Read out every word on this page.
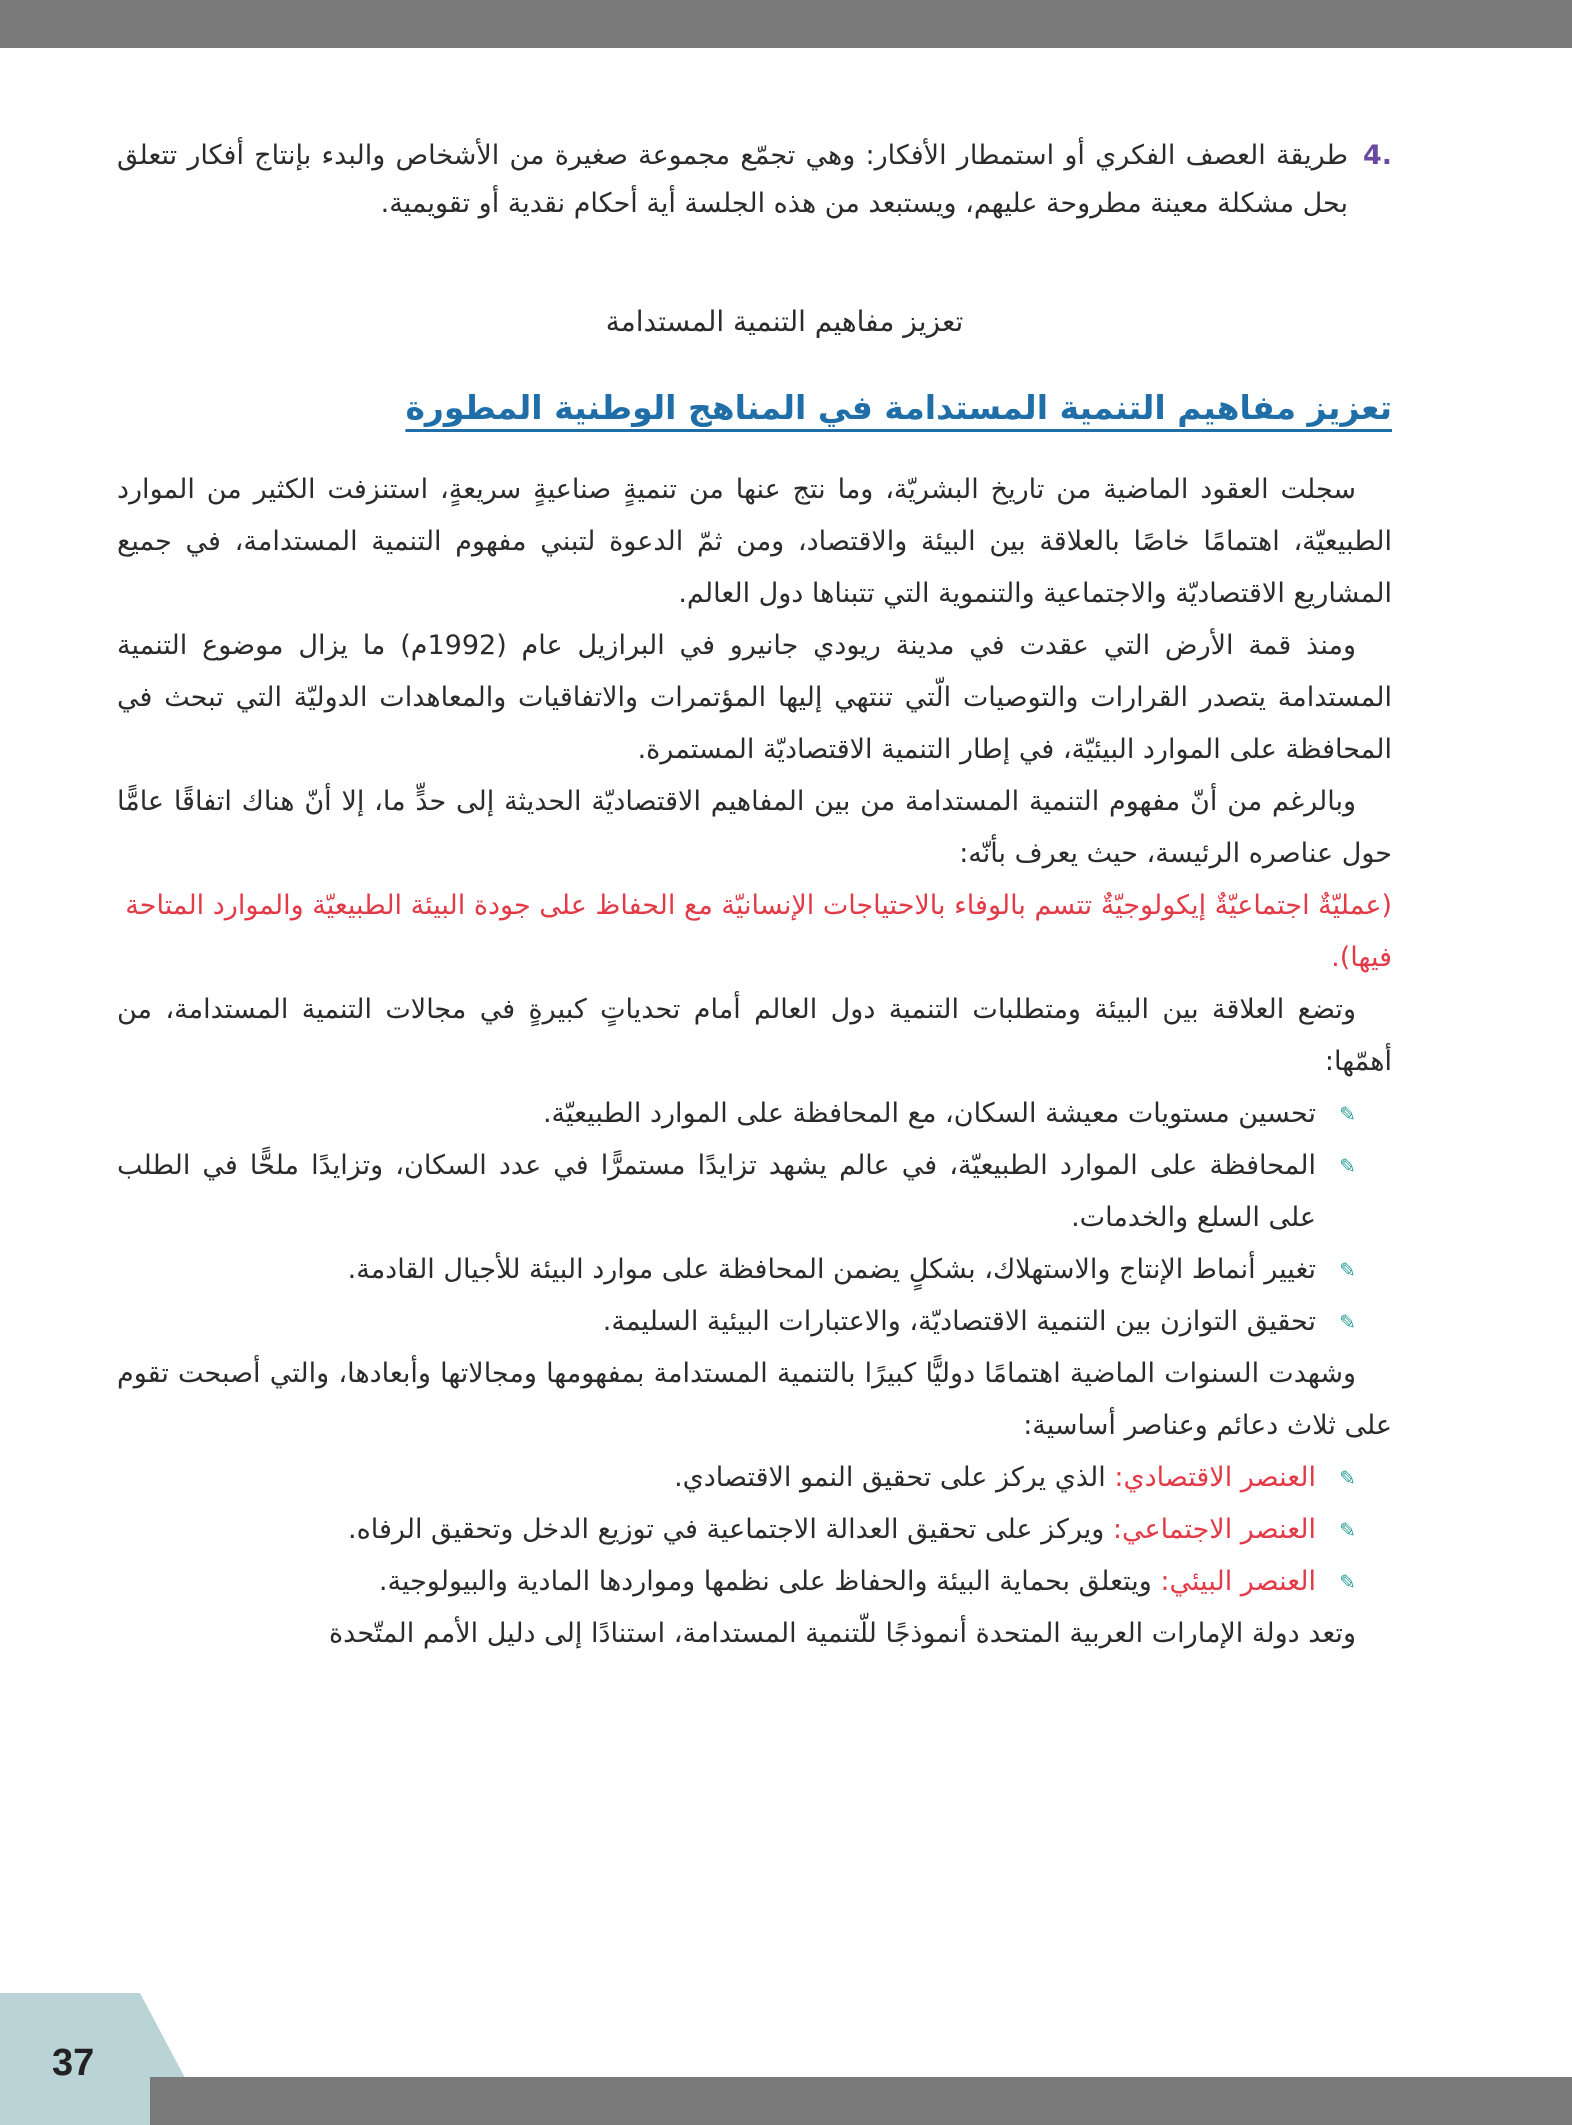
.4
طريقة العصف الفكري أو استمطار الأفكار: وهي تجمّع مجموعة صغيرة من الأشخاص والبدء بإنتاج أفكار تتعلق بحل مشكلة معينة مطروحة عليهم، ويستبعد من هذه الجلسة أية أحكام نقدية أو تقويمية.

تعزيز مفاهيم التنمية المستدامة
تعزيز مفاهيم التنمية المستدامة في المناهج الوطنية المطورة

سجلت العقود الماضية من تاريخ البشريّة، وما نتج عنها من تنميةٍ صناعيةٍ سريعةٍ، استنزفت الكثير من الموارد الطبيعيّة، اهتمامًا خاصًا بالعلاقة بين البيئة والاقتصاد، ومن ثمّ الدعوة لتبني مفهوم التنمية المستدامة، في جميع المشاريع الاقتصاديّة والاجتماعية والتنموية التي تتبناها دول العالم.

ومنذ قمة الأرض التي عقدت في مدينة ريودي جانيرو في البرازيل عام (1992م) ما يزال موضوع التنمية المستدامة يتصدر القرارات والتوصيات الّتي تنتهي إليها المؤتمرات والاتفاقيات والمعاهدات الدوليّة التي تبحث في المحافظة على الموارد البيئيّة، في إطار التنمية الاقتصاديّة المستمرة.

وبالرغم من أنّ مفهوم التنمية المستدامة من بين المفاهيم الاقتصاديّة الحديثة إلى حدٍّ ما، إلا أنّ هناك اتفاقًا عامًّا حول عناصره الرئيسة، حيث يعرف بأنّه:

(عمليّةٌ اجتماعيّةٌ إيكولوجيّةٌ تتسم بالوفاء بالاحتياجات الإنسانيّة مع الحفاظ على جودة البيئة الطبيعيّة والموارد المتاحة فيها).

وتضع العلاقة بين البيئة ومتطلبات التنمية دول العالم أمام تحدياتٍ كبيرةٍ في مجالات التنمية المستدامة، من أهمّها:

✎
تحسين مستويات معيشة السكان، مع المحافظة على الموارد الطبيعيّة.
✎
المحافظة على الموارد الطبيعيّة، في عالم يشهد تزايدًا مستمرًّا في عدد السكان، وتزايدًا ملحًّا في الطلب على السلع والخدمات.
✎
تغيير أنماط الإنتاج والاستهلاك، بشكلٍ يضمن المحافظة على موارد البيئة للأجيال القادمة.
✎
تحقيق التوازن بين التنمية الاقتصاديّة، والاعتبارات البيئية السليمة.

وشهدت السنوات الماضية اهتمامًا دوليًّا كبيرًا بالتنمية المستدامة بمفهومها ومجالاتها وأبعادها، والتي أصبحت تقوم على ثلاث دعائم وعناصر أساسية:

✎
العنصر الاقتصادي: الذي يركز على تحقيق النمو الاقتصادي.
✎
العنصر الاجتماعي: ويركز على تحقيق العدالة الاجتماعية في توزيع الدخل وتحقيق الرفاه.
✎
العنصر البيئي: ويتعلق بحماية البيئة والحفاظ على نظمها ومواردها المادية والبيولوجية.

وتعد دولة الإمارات العربية المتحدة أنموذجًا للّتنمية المستدامة، استنادًا إلى دليل الأمم المتّحدة

37
